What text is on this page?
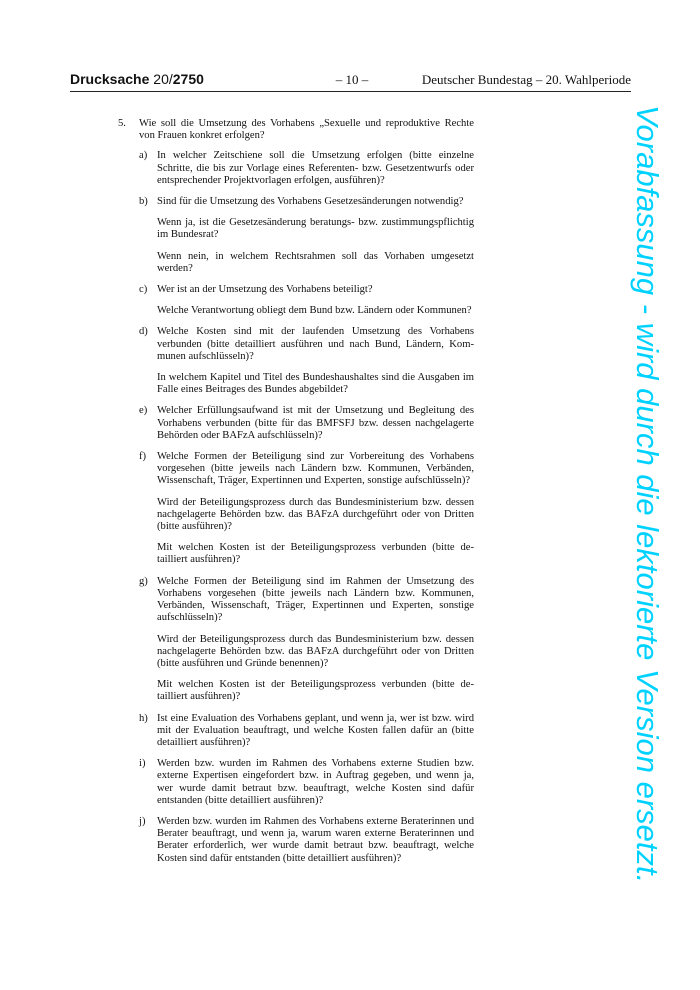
Drucksache 20/2750	– 10 –	Deutscher Bundestag – 20. Wahlperiode
5. Wie soll die Umsetzung des Vorhabens „Sexuelle und reproduktive Rechte von Frauen konkret erfolgen?
a) In welcher Zeitschiene soll die Umsetzung erfolgen (bitte einzelne Schritte, die bis zur Vorlage eines Referenten- bzw. Gesetzentwurfs oder entsprechender Projektvorlagen erfolgen, ausführen)?

b) Sind für die Umsetzung des Vorhabens Gesetzesänderungen notwendig?

Wenn ja, ist die Gesetzesänderung beratungs- bzw. zustimmungspflichtig im Bundesrat?

Wenn nein, in welchem Rechtsrahmen soll das Vorhaben umgesetzt werden?

c) Wer ist an der Umsetzung des Vorhabens beteiligt?

Welche Verantwortung obliegt dem Bund bzw. Ländern oder Kommunen?

d) Welche Kosten sind mit der laufenden Umsetzung des Vorhabens verbunden (bitte detailliert ausführen und nach Bund, Ländern, Kommunen aufschlüsseln)?

In welchem Kapitel und Titel des Bundeshaushaltes sind die Ausgaben im Falle eines Beitrages des Bundes abgebildet?

e) Welcher Erfüllungsaufwand ist mit der Umsetzung und Begleitung des Vorhabens verbunden (bitte für das BMFSFJ bzw. dessen nachgelagerte Behörden oder BAFzA aufschlüsseln)?

f) Welche Formen der Beteiligung sind zur Vorbereitung des Vorhabens vorgesehen (bitte jeweils nach Ländern bzw. Kommunen, Verbänden, Wissenschaft, Träger, Expertinnen und Experten, sonstige aufschlüsseln)?

Wird der Beteiligungsprozess durch das Bundesministerium bzw. dessen nachgelagerte Behörden bzw. das BAFzA durchgeführt oder von Dritten (bitte ausführen)?

Mit welchen Kosten ist der Beteiligungsprozess verbunden (bitte detailliert ausführen)?

g) Welche Formen der Beteiligung sind im Rahmen der Umsetzung des Vorhabens vorgesehen (bitte jeweils nach Ländern bzw. Kommunen, Verbänden, Wissenschaft, Träger, Expertinnen und Experten, sonstige aufschlüsseln)?

Wird der Beteiligungsprozess durch das Bundesministerium bzw. dessen nachgelagerte Behörden bzw. das BAFzA durchgeführt oder von Dritten (bitte ausführen und Gründe benennen)?

Mit welchen Kosten ist der Beteiligungsprozess verbunden (bitte detailliert ausführen)?

h) Ist eine Evaluation des Vorhabens geplant, und wenn ja, wer ist bzw. wird mit der Evaluation beauftragt, und welche Kosten fallen dafür an (bitte detailliert ausführen)?

i) Werden bzw. wurden im Rahmen des Vorhabens externe Studien bzw. externe Expertisen eingefordert bzw. in Auftrag gegeben, und wenn ja, wer wurde damit betraut bzw. beauftragt, welche Kosten sind dafür entstanden (bitte detailliert ausführen)?

j) Werden bzw. wurden im Rahmen des Vorhabens externe Beraterinnen und Berater beauftragt, und wenn ja, warum waren externe Beraterinnen und Berater erforderlich, wer wurde damit betraut bzw. beauftragt, welche Kosten sind dafür entstanden (bitte detailliert ausführen)?	Vorabfassung - wird durch die lektorierte Version ersetzt.
